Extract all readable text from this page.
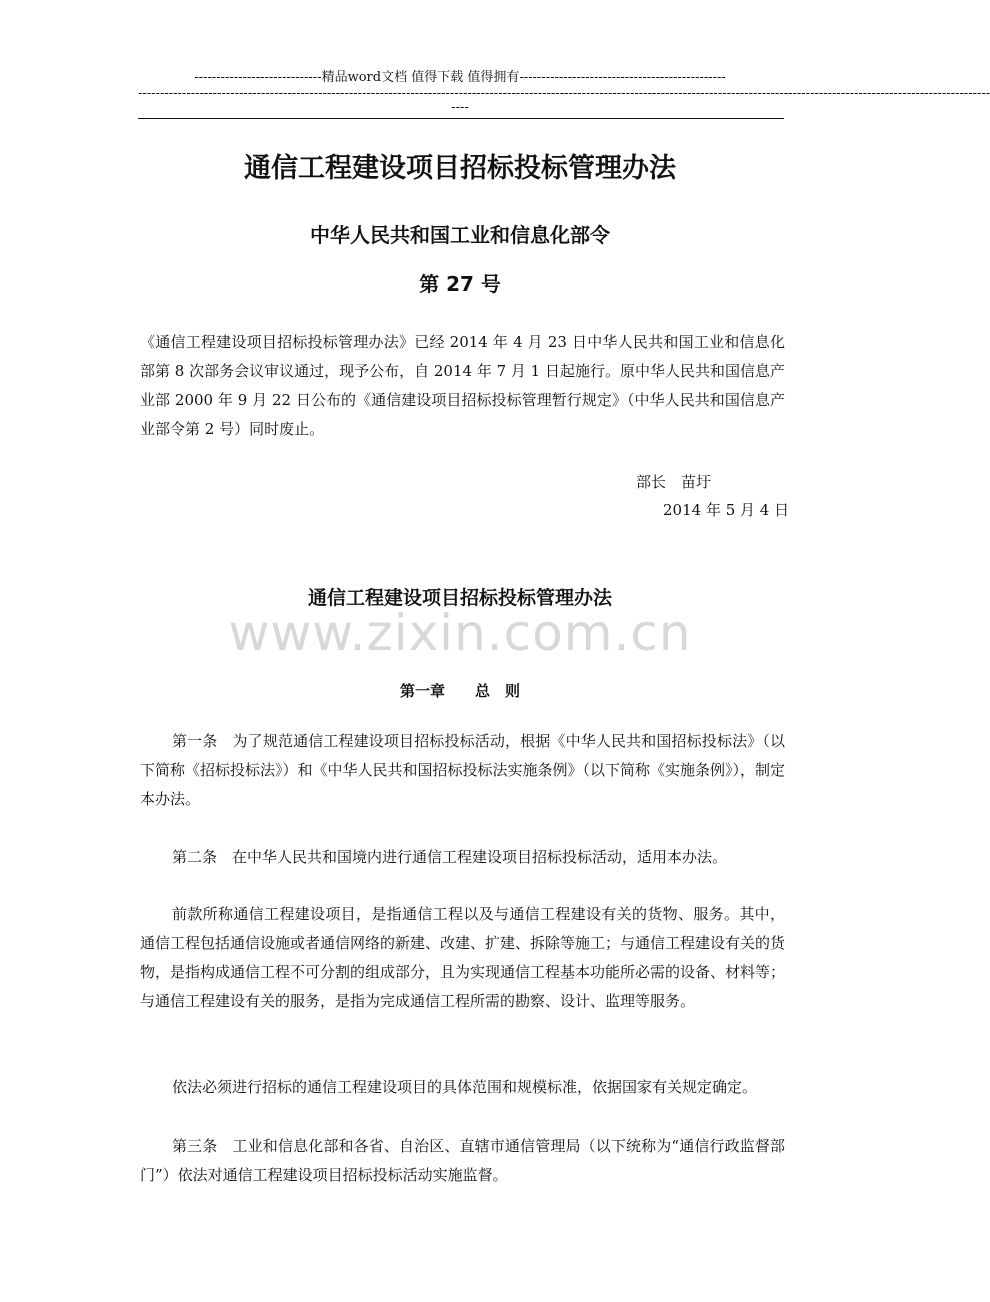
-----------------------------精品word文档 值得下载 值得拥有-----------------------------------------------
--------------------------------------------------------------------------------------------------------------------------------------------------------------------------------------------------
----
通信工程建设项目招标投标管理办法
中华人民共和国工业和信息化部令
第 27 号
《通信工程建设项目招标投标管理办法》已经 2014 年 4 月 23 日中华人民共和国工业和信息化部第 8 次部务会议审议通过，现予公布，自 2014 年 7 月 1 日起施行。原中华人民共和国信息产业部 2000 年 9 月 22 日公布的《通信建设项目招标投标管理暂行规定》（中华人民共和国信息产业部令第 2 号）同时废止。
部长　苗圩
2014 年 5 月 4 日
www.zixin.com.cn
通信工程建设项目招标投标管理办法
第一章　　总　则
第一条　为了规范通信工程建设项目招标投标活动，根据《中华人民共和国招标投标法》（以下简称《招标投标法》）和《中华人民共和国招标投标法实施条例》（以下简称《实施条例》），制定本办法。
第二条　在中华人民共和国境内进行通信工程建设项目招标投标活动，适用本办法。
前款所称通信工程建设项目，是指通信工程以及与通信工程建设有关的货物、服务。其中，通信工程包括通信设施或者通信网络的新建、改建、扩建、拆除等施工；与通信工程建设有关的货物，是指构成通信工程不可分割的组成部分，且为实现通信工程基本功能所必需的设备、材料等；与通信工程建设有关的服务，是指为完成通信工程所需的勘察、设计、监理等服务。
依法必须进行招标的通信工程建设项目的具体范围和规模标准，依据国家有关规定确定。
第三条　工业和信息化部和各省、自治区、直辖市通信管理局（以下统称为“通信行政监督部门”）依法对通信工程建设项目招标投标活动实施监督。
